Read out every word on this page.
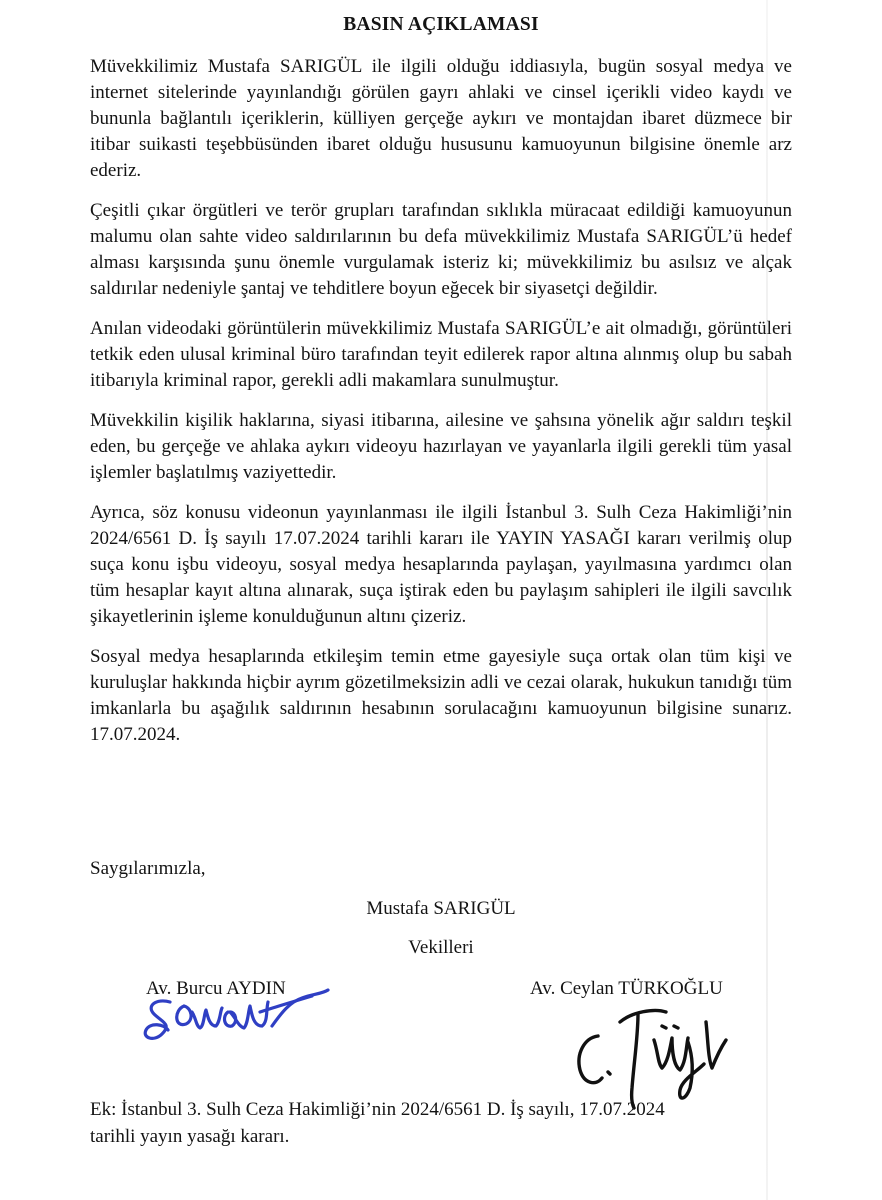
BASIN AÇIKLAMASI

Müvekkilimiz Mustafa SARIGÜL ile ilgili olduğu iddiasıyla, bugün sosyal medya ve internet sitelerinde yayınlandığı görülen gayrı ahlaki ve cinsel içerikli video kaydı ve bununla bağlantılı içeriklerin, külliyen gerçeğe aykırı ve montajdan ibaret düzmece bir itibar suikasti teşebbüsünden ibaret olduğu hususunu kamuoyunun bilgisine önemle arz ederiz.

Çeşitli çıkar örgütleri ve terör grupları tarafından sıklıkla müracaat edildiği kamuoyunun malumu olan sahte video saldırılarının bu defa müvekkilimiz Mustafa SARIGÜL’ü hedef alması karşısında şunu önemle vurgulamak isteriz ki; müvekkilimiz bu asılsız ve alçak saldırılar nedeniyle şantaj ve tehditlere boyun eğecek bir siyasetçi değildir.

Anılan videodaki görüntülerin müvekkilimiz Mustafa SARIGÜL’e ait olmadığı, görüntüleri tetkik eden ulusal kriminal büro tarafından teyit edilerek rapor altına alınmış olup bu sabah itibarıyla kriminal rapor, gerekli adli makamlara sunulmuştur.

Müvekkilin kişilik haklarına, siyasi itibarına, ailesine ve şahsına yönelik ağır saldırı teşkil eden, bu gerçeğe ve ahlaka aykırı videoyu hazırlayan ve yayanlarla ilgili gerekli tüm yasal işlemler başlatılmış vaziyettedir.

Ayrıca, söz konusu videonun yayınlanması ile ilgili İstanbul 3. Sulh Ceza Hakimliği’nin 2024/6561 D. İş sayılı 17.07.2024 tarihli kararı ile YAYIN YASAĞI kararı verilmiş olup suça konu işbu videoyu, sosyal medya hesaplarında paylaşan, yayılmasına yardımcı olan tüm hesaplar kayıt altına alınarak, suça iştirak eden bu paylaşım sahipleri ile ilgili savcılık şikayetlerinin işleme konulduğunun altını çizeriz.

Sosyal medya hesaplarında etkileşim temin etme gayesiyle suça ortak olan tüm kişi ve kuruluşlar hakkında hiçbir ayrım gözetilmeksizin adli ve cezai olarak, hukukun tanıdığı tüm imkanlarla bu aşağılık saldırının hesabının sorulacağını kamuoyunun bilgisine sunarız. 17.07.2024.

Saygılarımızla,
Mustafa SARIGÜL
Vekilleri
Av. Burcu AYDIN	Av. Ceylan TÜRKOĞLU
Ek: İstanbul 3. Sulh Ceza Hakimliği’nin 2024/6561 D. İş sayılı, 17.07.2024
tarihli yayın yasağı kararı.
